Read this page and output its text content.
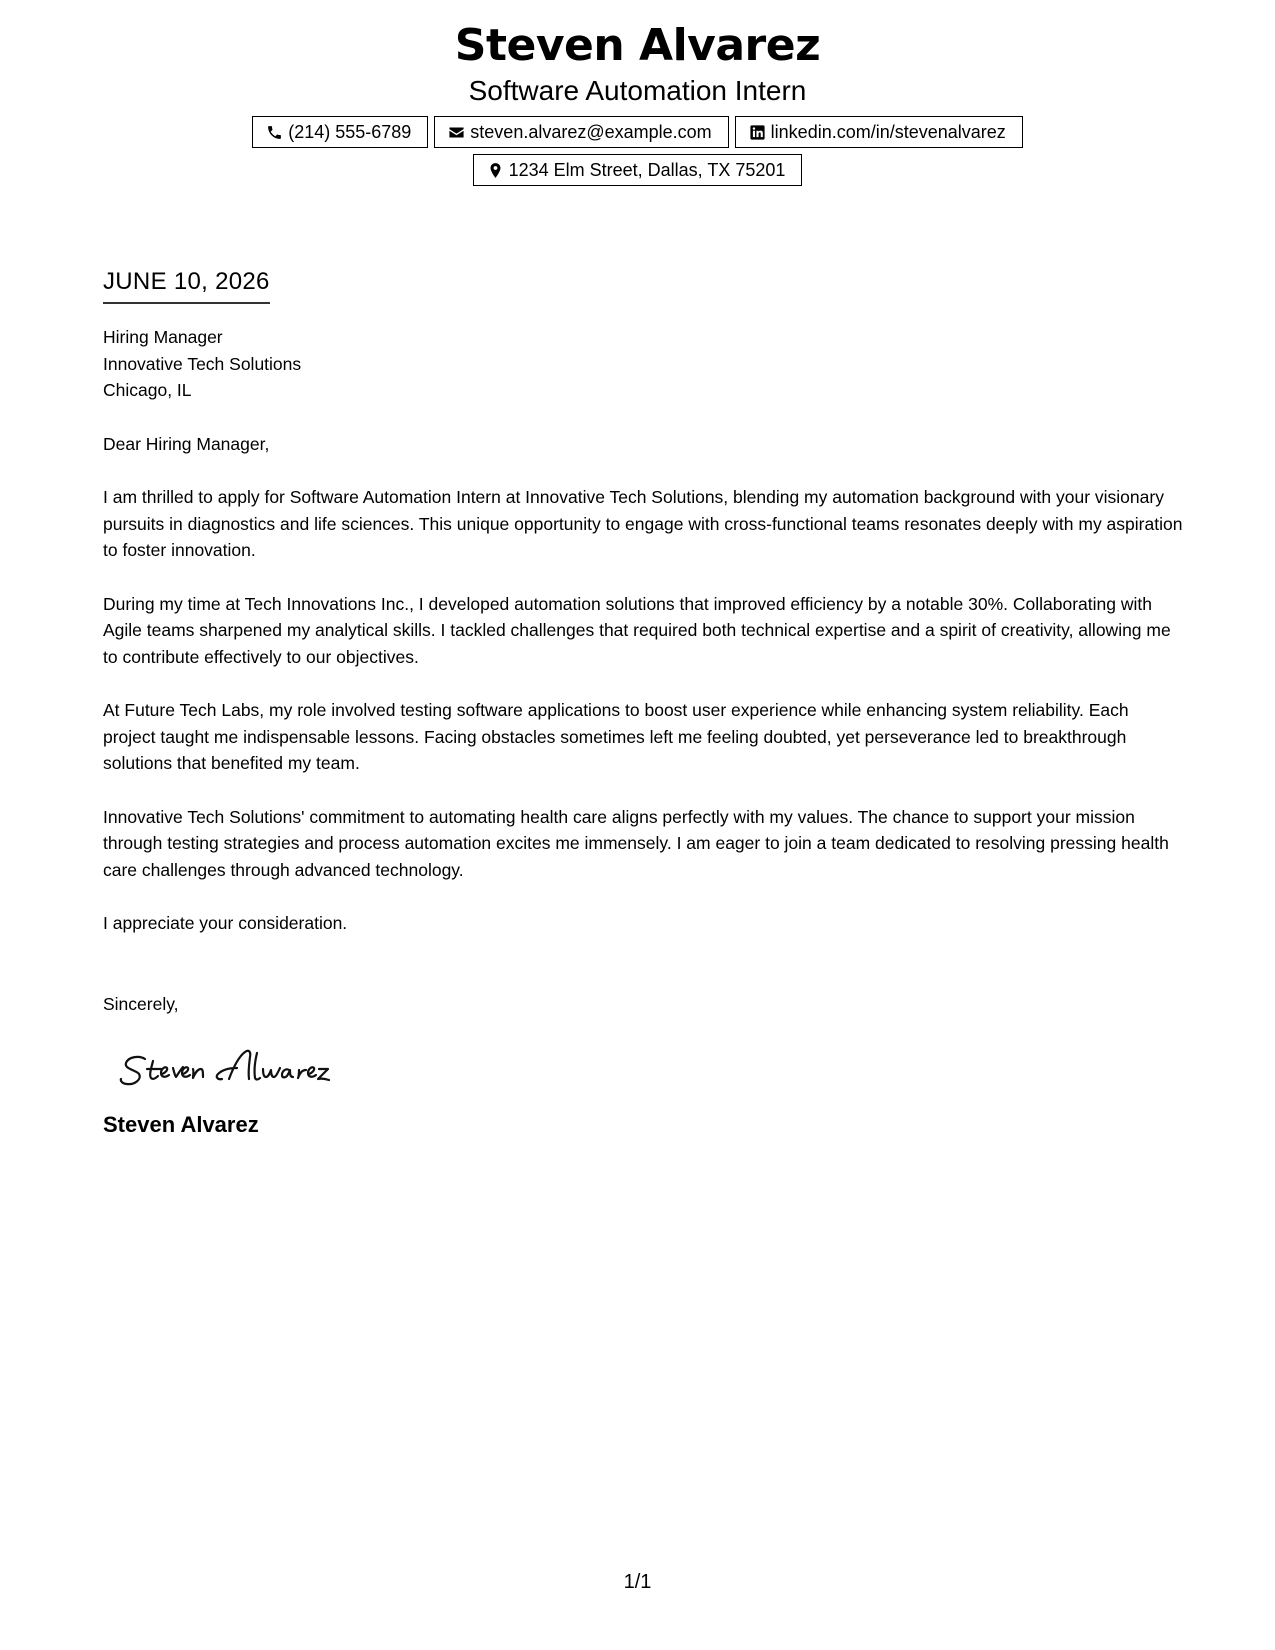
Steven Alvarez
Software Automation Intern
(214) 555-6789	steven.alvarez@example.com	linkedin.com/in/stevenalvarez
1234 Elm Street, Dallas, TX 75201
JUNE 10, 2026
Hiring Manager
Innovative Tech Solutions
Chicago, IL
Dear Hiring Manager,
I am thrilled to apply for Software Automation Intern at Innovative Tech Solutions, blending my automation background with your visionary pursuits in diagnostics and life sciences. This unique opportunity to engage with cross-functional teams resonates deeply with my aspiration to foster innovation.
During my time at Tech Innovations Inc., I developed automation solutions that improved efficiency by a notable 30%. Collaborating with Agile teams sharpened my analytical skills. I tackled challenges that required both technical expertise and a spirit of creativity, allowing me to contribute effectively to our objectives.
At Future Tech Labs, my role involved testing software applications to boost user experience while enhancing system reliability. Each project taught me indispensable lessons. Facing obstacles sometimes left me feeling doubted, yet perseverance led to breakthrough solutions that benefited my team.
Innovative Tech Solutions' commitment to automating health care aligns perfectly with my values. The chance to support your mission through testing strategies and process automation excites me immensely. I am eager to join a team dedicated to resolving pressing health care challenges through advanced technology.
I appreciate your consideration.
Sincerely,
Steven Alvarez
1/1
